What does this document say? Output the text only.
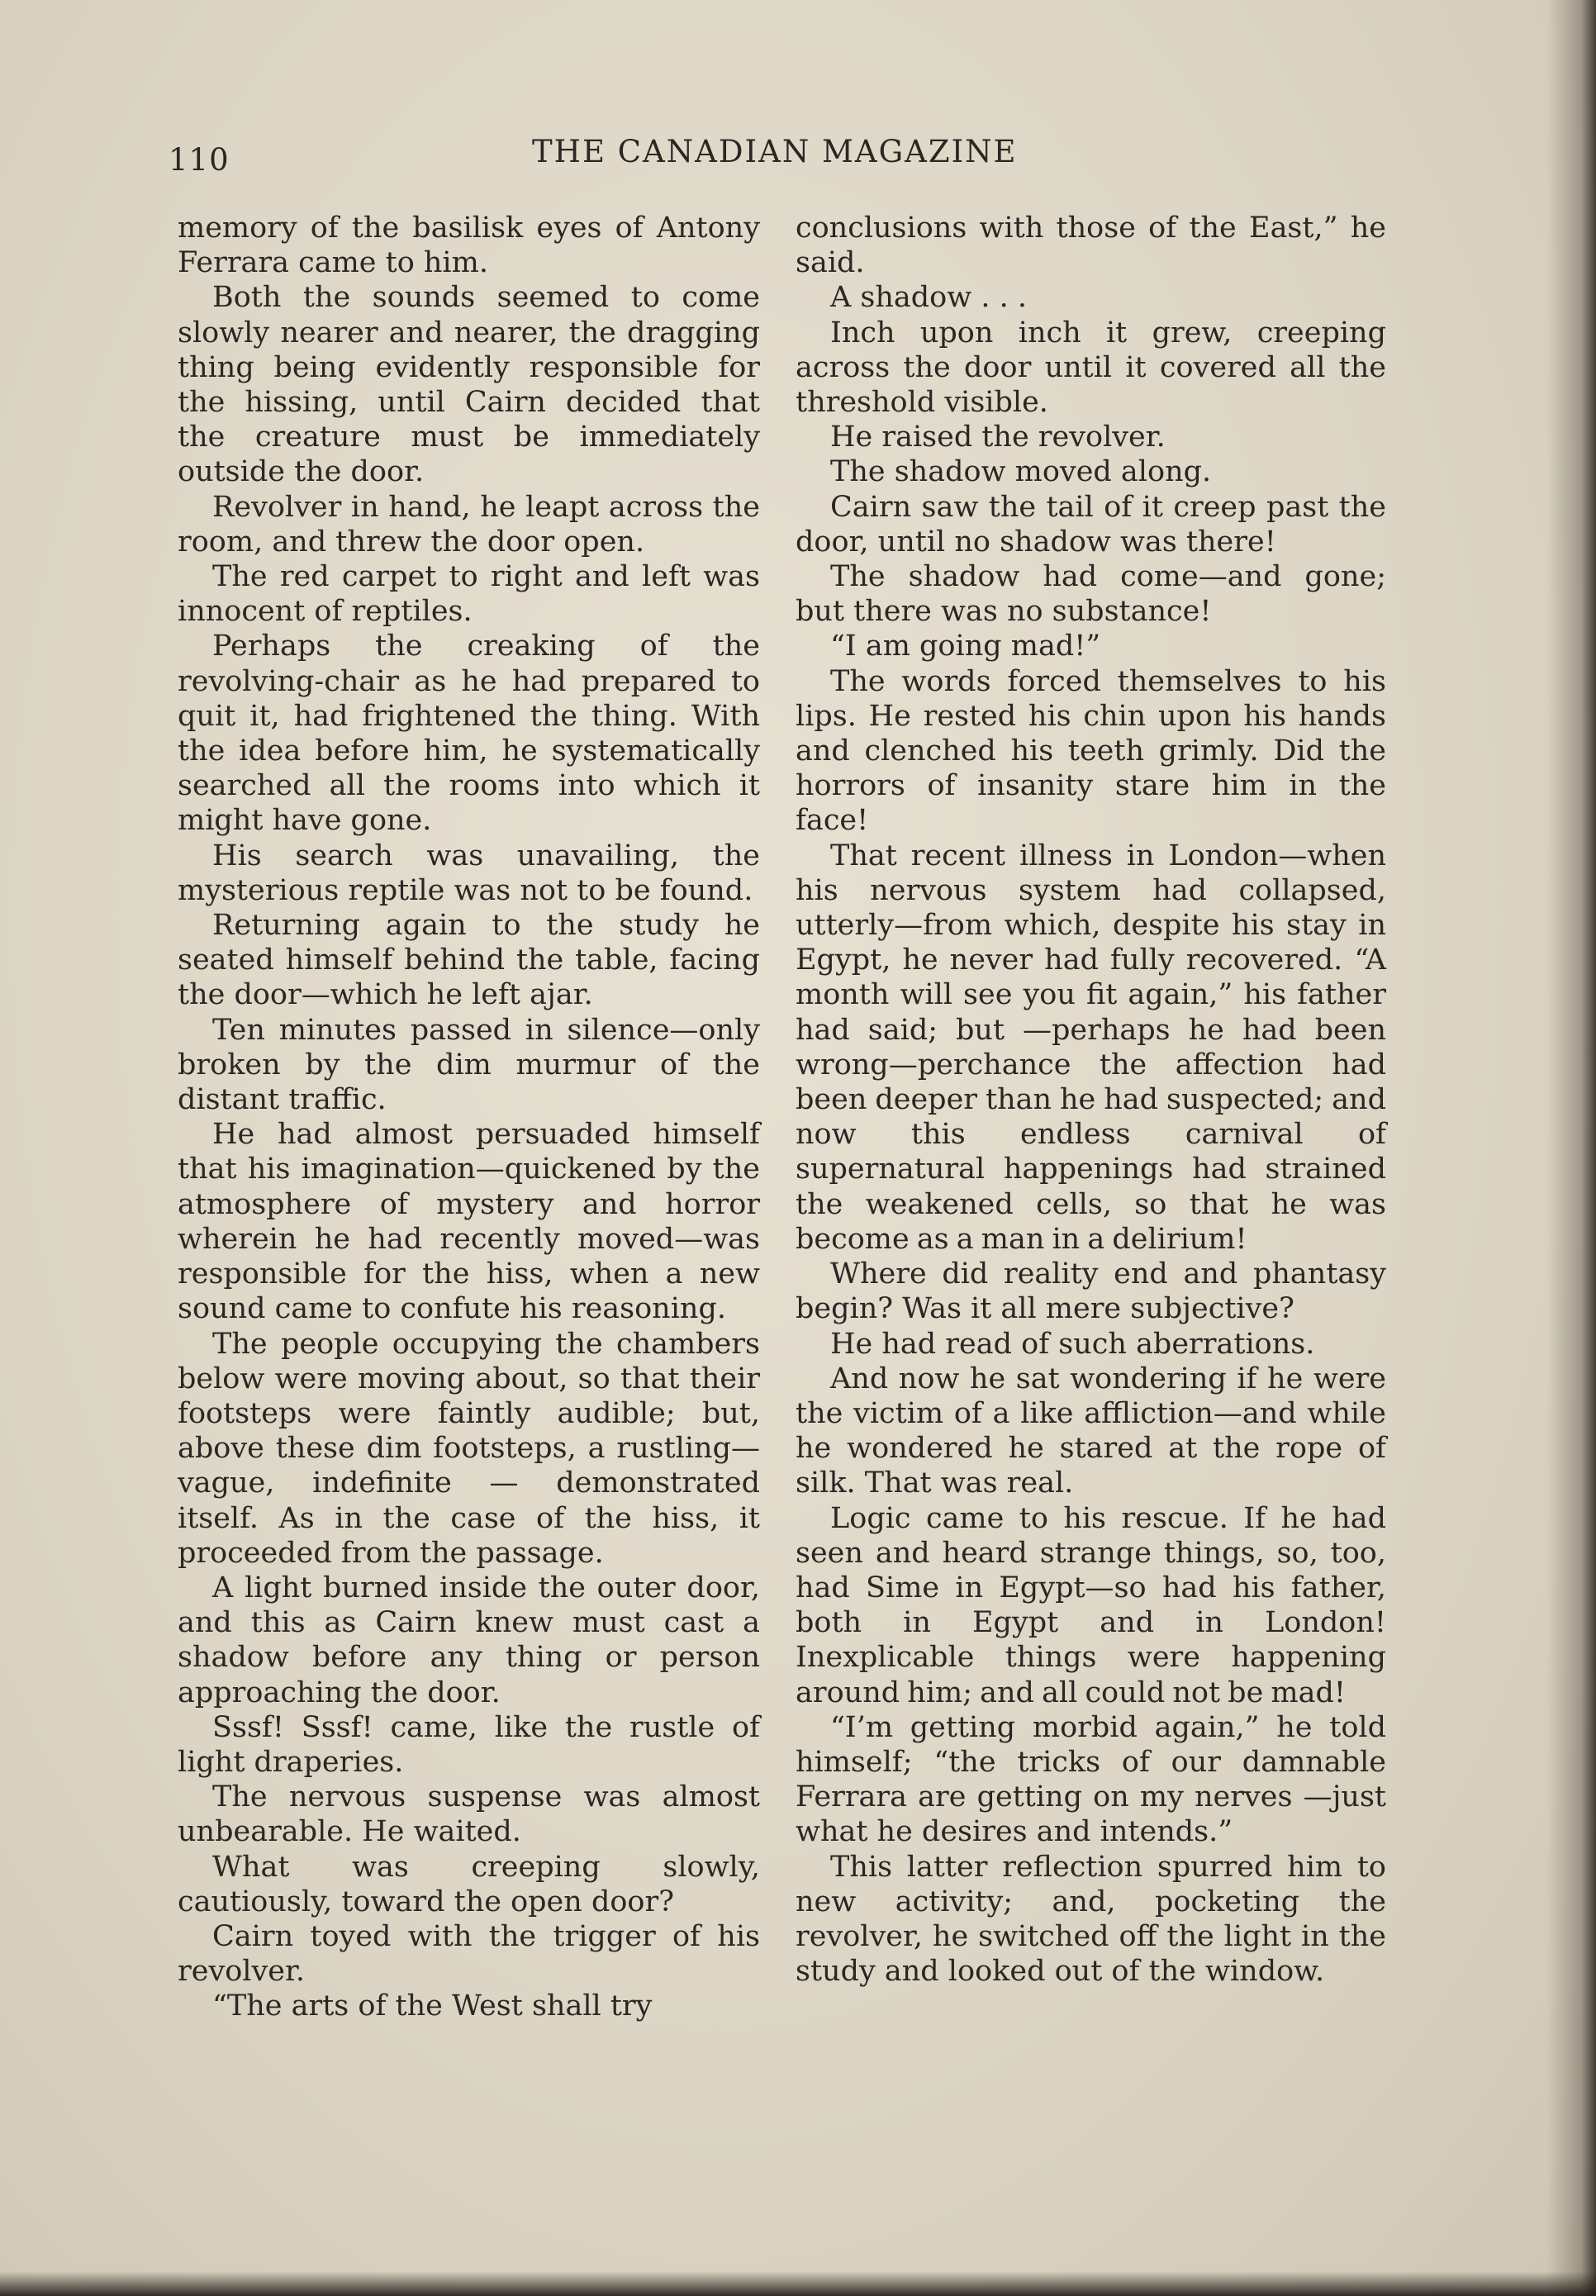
110	THE CANADIAN MAGAZINE

memory of the basilisk eyes of Antony Ferrara came to him.

Both the sounds seemed to come slowly nearer and nearer, the dragging thing being evidently responsible for the hissing, until Cairn decided that the creature must be immediately outside the door.

Revolver in hand, he leapt across the room, and threw the door open.

The red carpet to right and left was innocent of reptiles.

Perhaps the creaking of the revolving-chair as he had prepared to quit it, had frightened the thing. With the idea before him, he systematically searched all the rooms into which it might have gone.

His search was unavailing, the mysterious reptile was not to be found.

Returning again to the study he seated himself behind the table, facing the door—which he left ajar.

Ten minutes passed in silence—only broken by the dim murmur of the distant traffic.

He had almost persuaded himself that his imagination—quickened by the atmosphere of mystery and horror wherein he had recently moved—was responsible for the hiss, when a new sound came to confute his reasoning.

The people occupying the chambers below were moving about, so that their footsteps were faintly audible; but, above these dim footsteps, a rustling—vague, indefinite — demonstrated itself. As in the case of the hiss, it proceeded from the passage.

A light burned inside the outer door, and this as Cairn knew must cast a shadow before any thing or person approaching the door.

Sssf! Sssf! came, like the rustle of light draperies.

The nervous suspense was almost unbearable. He waited.

What was creeping slowly, cautiously, toward the open door?

Cairn toyed with the trigger of his revolver.

“The arts of the West shall try

conclusions with those of the East,” he said.

A shadow . . .

Inch upon inch it grew, creeping across the door until it covered all the threshold visible.

He raised the revolver.

The shadow moved along.

Cairn saw the tail of it creep past the door, until no shadow was there!

The shadow had come—and gone; but there was no substance!

“I am going mad!”

The words forced themselves to his lips. He rested his chin upon his hands and clenched his teeth grimly. Did the horrors of insanity stare him in the face!

That recent illness in London—when his nervous system had collapsed, utterly—from which, despite his stay in Egypt, he never had fully recovered. “A month will see you fit again,” his father had said; but —perhaps he had been wrong—perchance the affection had been deeper than he had suspected; and now this endless carnival of supernatural happenings had strained the weakened cells, so that he was become as a man in a delirium!

Where did reality end and phantasy begin? Was it all mere subjective?

He had read of such aberrations.

And now he sat wondering if he were the victim of a like affliction—and while he wondered he stared at the rope of silk. That was real.

Logic came to his rescue. If he had seen and heard strange things, so, too, had Sime in Egypt—so had his father, both in Egypt and in London! Inexplicable things were happening around him; and all could not be mad!

“I’m getting morbid again,” he told himself; “the tricks of our damnable Ferrara are getting on my nerves —just what he desires and intends.”

This latter reflection spurred him to new activity; and, pocketing the revolver, he switched off the light in the study and looked out of the window.
